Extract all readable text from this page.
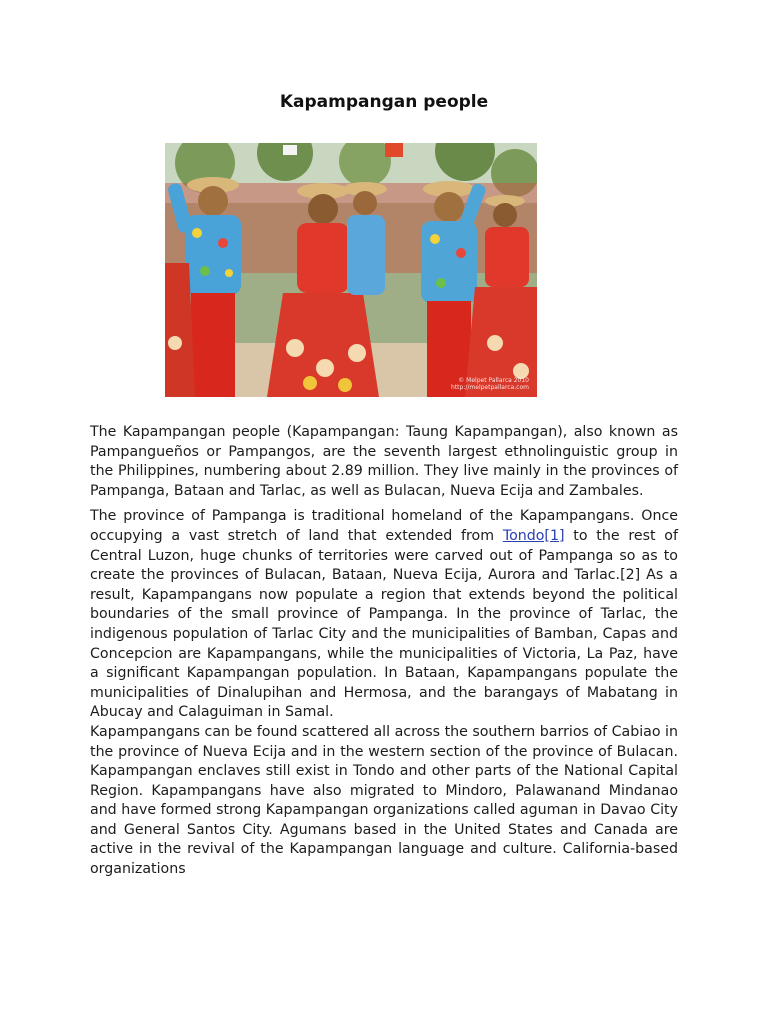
Kapampangan people
© Melpet Pallarca 2010
http://melpetpallarca.com

The Kapampangan people (Kapampangan: Taung Kapampangan), also known as Pampangueños or Pampangos, are the seventh largest ethnolinguistic group in the Philippines, numbering about 2.89 million. They live mainly in the provinces of Pampanga, Bataan and Tarlac, as well as Bulacan, Nueva Ecija and Zambales.

The province of Pampanga is traditional homeland of the Kapampangans. Once occupying a vast stretch of land that extended from Tondo[1] to the rest of Central Luzon, huge chunks of territories were carved out of Pampanga so as to create the provinces of Bulacan, Bataan, Nueva Ecija, Aurora and Tarlac.[2] As a result, Kapampangans now populate a region that extends beyond the political boundaries of the small province of Pampanga. In the province of Tarlac, the indigenous population of Tarlac City and the municipalities of Bamban, Capas and Concepcion are Kapampangans, while the municipalities of Victoria, La Paz, have a significant Kapampangan population. In Bataan, Kapampangans populate the municipalities of Dinalupihan and Hermosa, and the barangays of Mabatang in Abucay and Calaguiman in Samal.

Kapampangans can be found scattered all across the southern barrios of Cabiao in the province of Nueva Ecija and in the western section of the province of Bulacan. Kapampangan enclaves still exist in Tondo and other parts of the National Capital Region. Kapampangans have also migrated to Mindoro, Palawanand Mindanao and have formed strong Kapampangan organizations called aguman in Davao City and General Santos City. Agumans based in the United States and Canada are active in the revival of the Kapampangan language and culture. California-based organizations
